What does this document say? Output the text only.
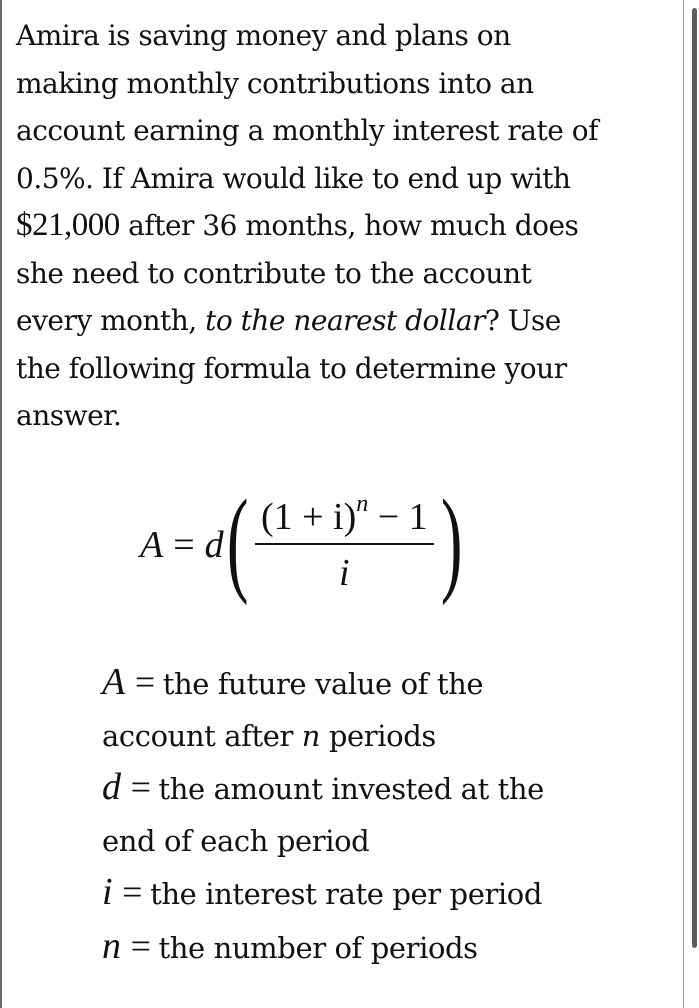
Amira is saving money and plans on
making monthly contributions into an
account earning a monthly interest rate of
0.5%. If Amira would like to end up with
$21,000 after 36 months, how much does
she need to contribute to the account
every month, to the nearest dollar? Use
the following formula to determine your
answer.
A = d ( $\frac{(1 + i)^n - 1}{i}$ )
A = the future value of the
account after n periods
d = the amount invested at the
end of each period
i = the interest rate per period
n = the number of periods
